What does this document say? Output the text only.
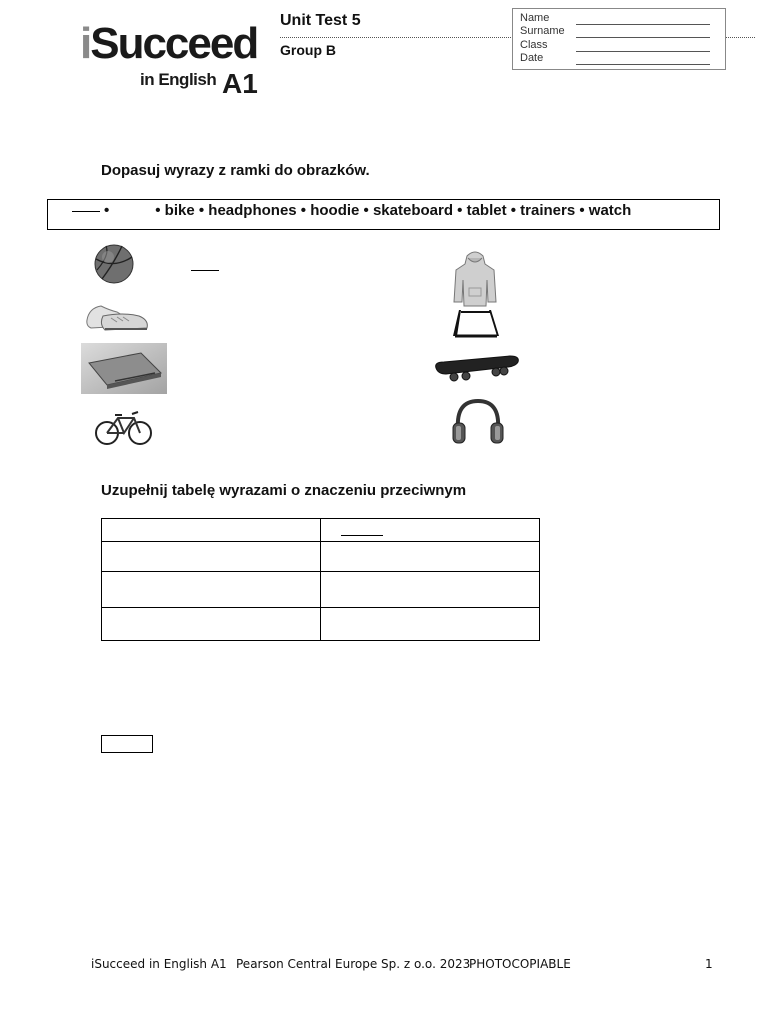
iSucceed
in English A1
Unit Test 5
Group B
Name
Surname
Class
Date
Dopasuj wyrazy z ramki do obrazków.
•	• bike • headphones • hoodie • skateboard • tablet • trainers • watch
Uzupełnij tabelę wyrazami o znaczeniu przeciwnym

iSucceed in English A1 Pearson Central Europe Sp. z o.o. 2023
PHOTOCOPIABLE	1
